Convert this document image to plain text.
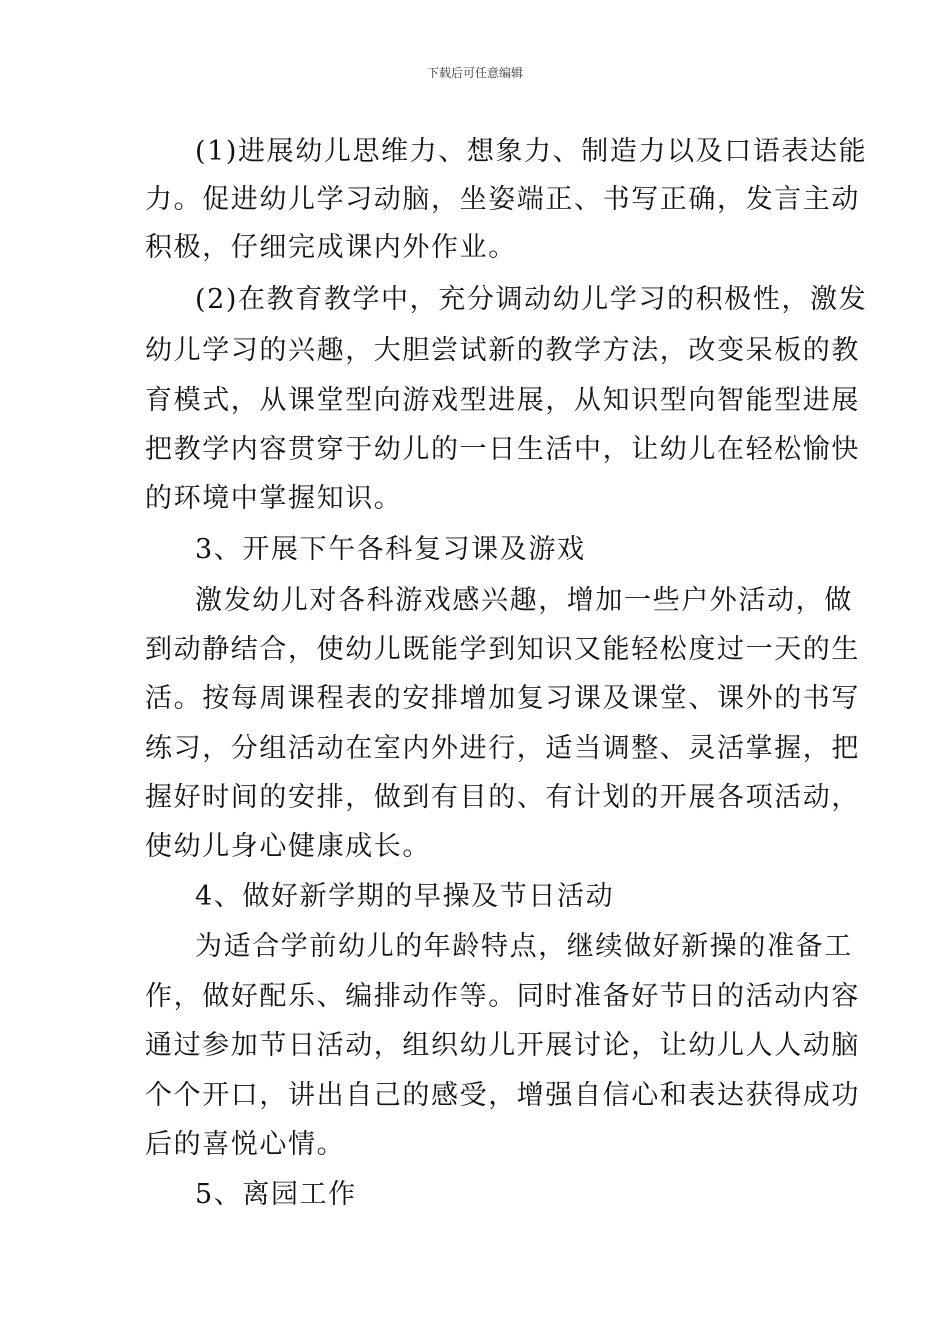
下载后可任意编辑
(1)进展幼儿思维力、想象力、制造力以及口语表达能
力。促进幼儿学习动脑，坐姿端正、书写正确，发言主动
积极，仔细完成课内外作业。
(2)在教育教学中，充分调动幼儿学习的积极性，激发
幼儿学习的兴趣，大胆尝试新的教学方法，改变呆板的教
育模式，从课堂型向游戏型进展，从知识型向智能型进展
把教学内容贯穿于幼儿的一日生活中，让幼儿在轻松愉快
的环境中掌握知识。
3、开展下午各科复习课及游戏
激发幼儿对各科游戏感兴趣，增加一些户外活动，做
到动静结合，使幼儿既能学到知识又能轻松度过一天的生
活。按每周课程表的安排增加复习课及课堂、课外的书写
练习，分组活动在室内外进行，适当调整、灵活掌握，把
握好时间的安排，做到有目的、有计划的开展各项活动，
使幼儿身心健康成长。
4、做好新学期的早操及节日活动
为适合学前幼儿的年龄特点，继续做好新操的准备工
作，做好配乐、编排动作等。同时准备好节日的活动内容
通过参加节日活动，组织幼儿开展讨论，让幼儿人人动脑
个个开口，讲出自己的感受，增强自信心和表达获得成功
后的喜悦心情。
5、离园工作
